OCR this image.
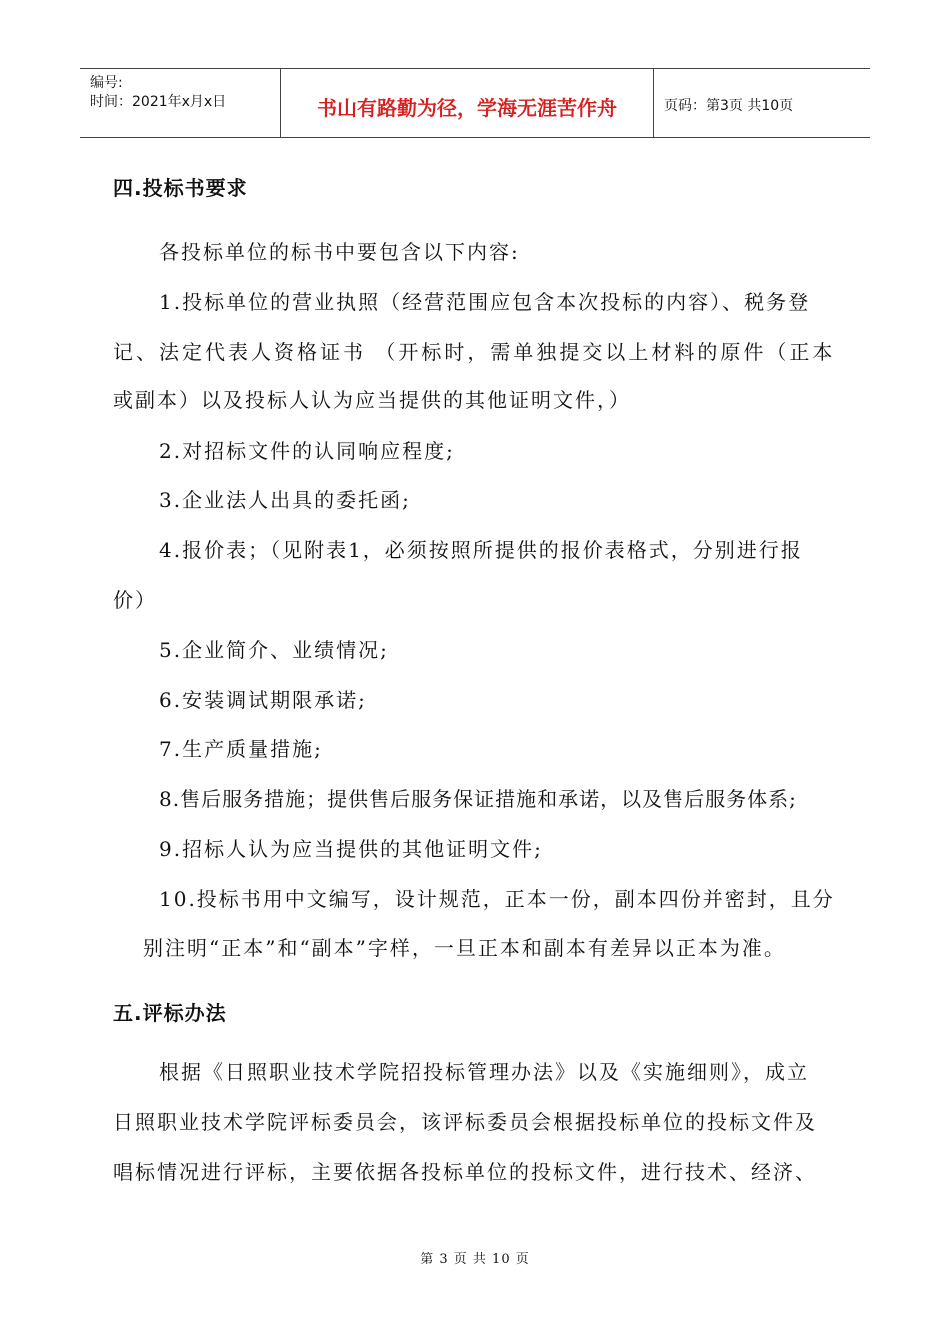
编号:
时间：2021年x月x日	书山有路勤为径，学海无涯苦作舟	页码：第3页 共10页
四.投标书要求
各投标单位的标书中要包含以下内容:
1.投标单位的营业执照（经营范围应包含本次投标的内容）、税务登
记、法定代表人资格证书 （开标时，需单独提交以上材料的原件（正本
或副本）以及投标人认为应当提供的其他证明文件，）
2.对招标文件的认同响应程度;
3.企业法人出具的委托函;
4.报价表；（见附表1，必须按照所提供的报价表格式，分别进行报
价）
5.企业简介、业绩情况;
6.安装调试期限承诺;
7.生产质量措施;
8.售后服务措施；提供售后服务保证措施和承诺，以及售后服务体系;
9.招标人认为应当提供的其他证明文件;
10.投标书用中文编写，设计规范，正本一份，副本四份并密封，且分
别注明“正本”和“副本”字样，一旦正本和副本有差异以正本为准。
五.评标办法
根据《日照职业技术学院招投标管理办法》以及《实施细则》，成立
日照职业技术学院评标委员会，该评标委员会根据投标单位的投标文件及
唱标情况进行评标，主要依据各投标单位的投标文件，进行技术、经济、
第 3 页 共 10 页
